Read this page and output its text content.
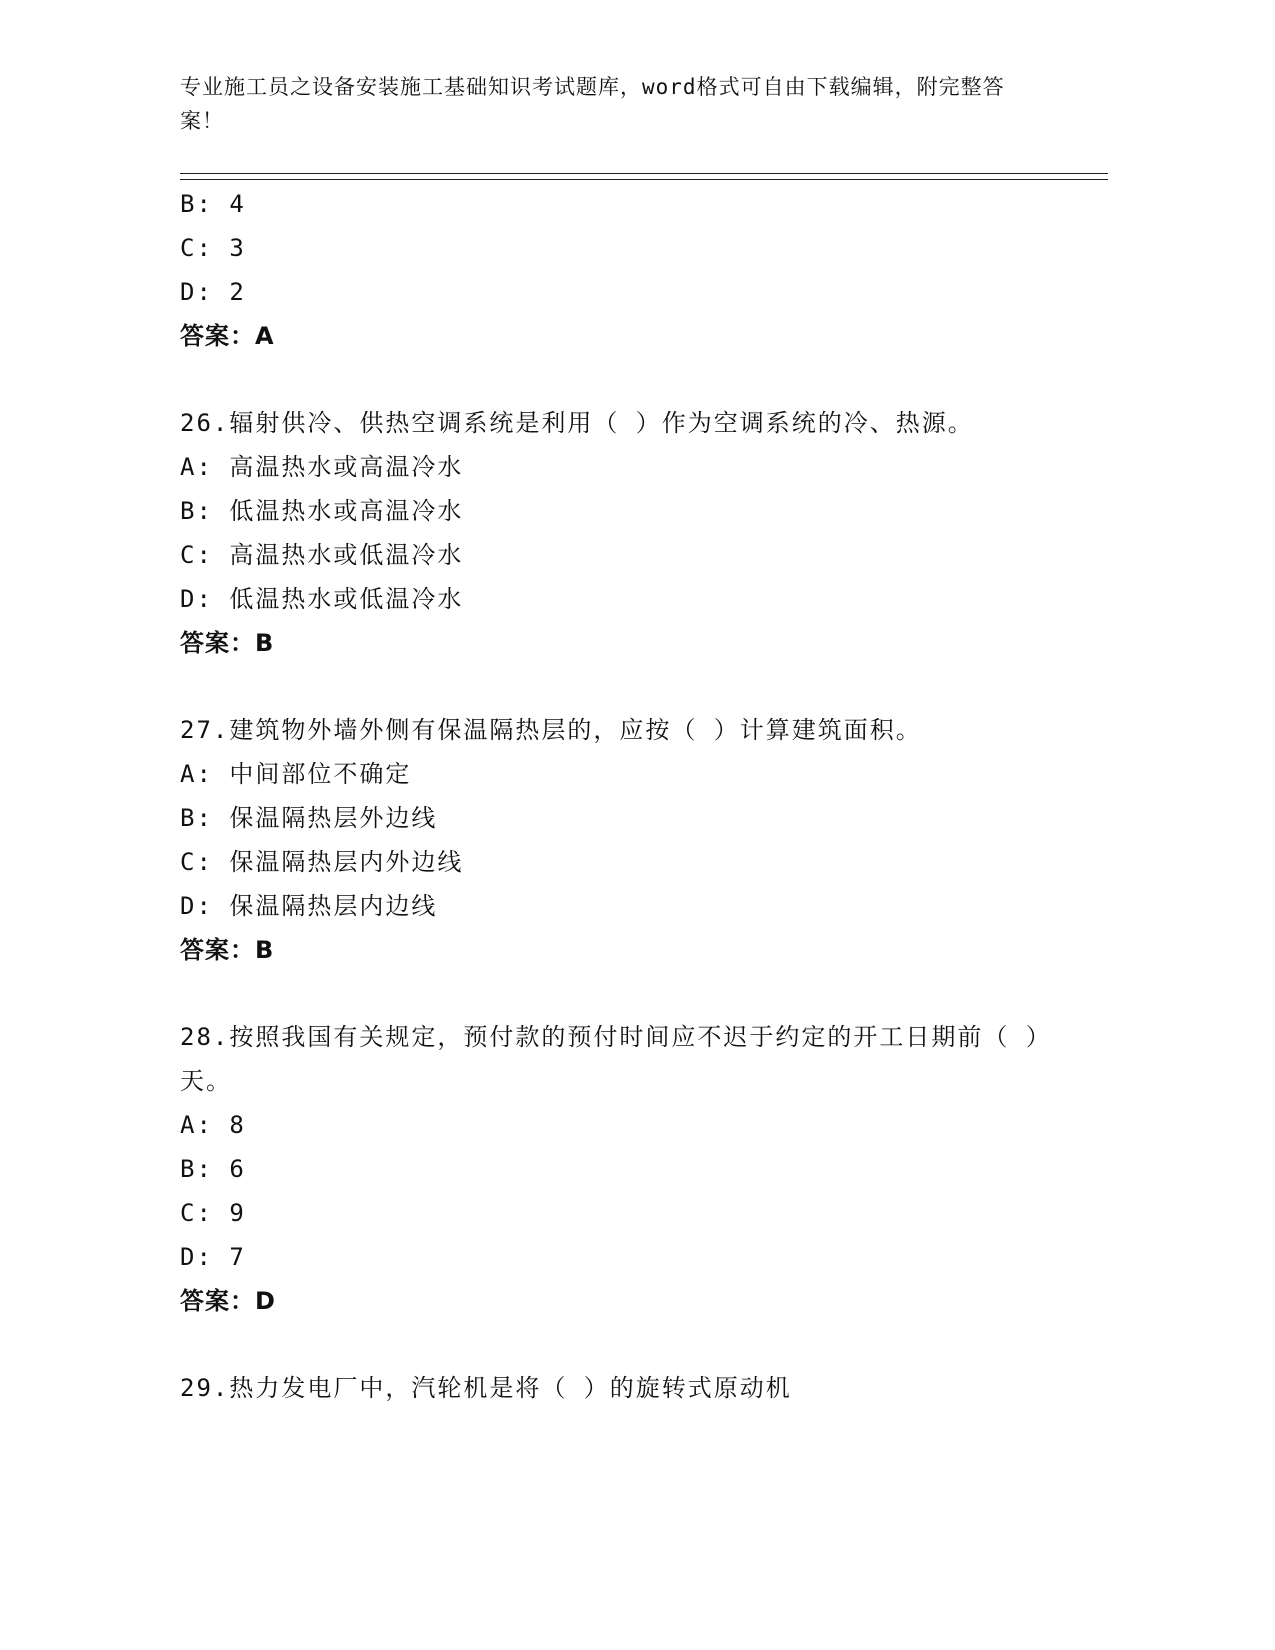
专业施工员之设备安装施工基础知识考试题库，word格式可自由下载编辑，附完整答案！
B: 4
C: 3
D: 2
答案：A
26.辐射供冷、供热空调系统是利用（ ）作为空调系统的冷、热源。
A: 高温热水或高温冷水
B: 低温热水或高温冷水
C: 高温热水或低温冷水
D: 低温热水或低温冷水
答案：B
27.建筑物外墙外侧有保温隔热层的，应按（ ）计算建筑面积。
A: 中间部位不确定
B: 保温隔热层外边线
C: 保温隔热层内外边线
D: 保温隔热层内边线
答案：B
28.按照我国有关规定，预付款的预付时间应不迟于约定的开工日期前（ ）天。
A: 8
B: 6
C: 9
D: 7
答案：D
29.热力发电厂中，汽轮机是将（ ）的旋转式原动机
